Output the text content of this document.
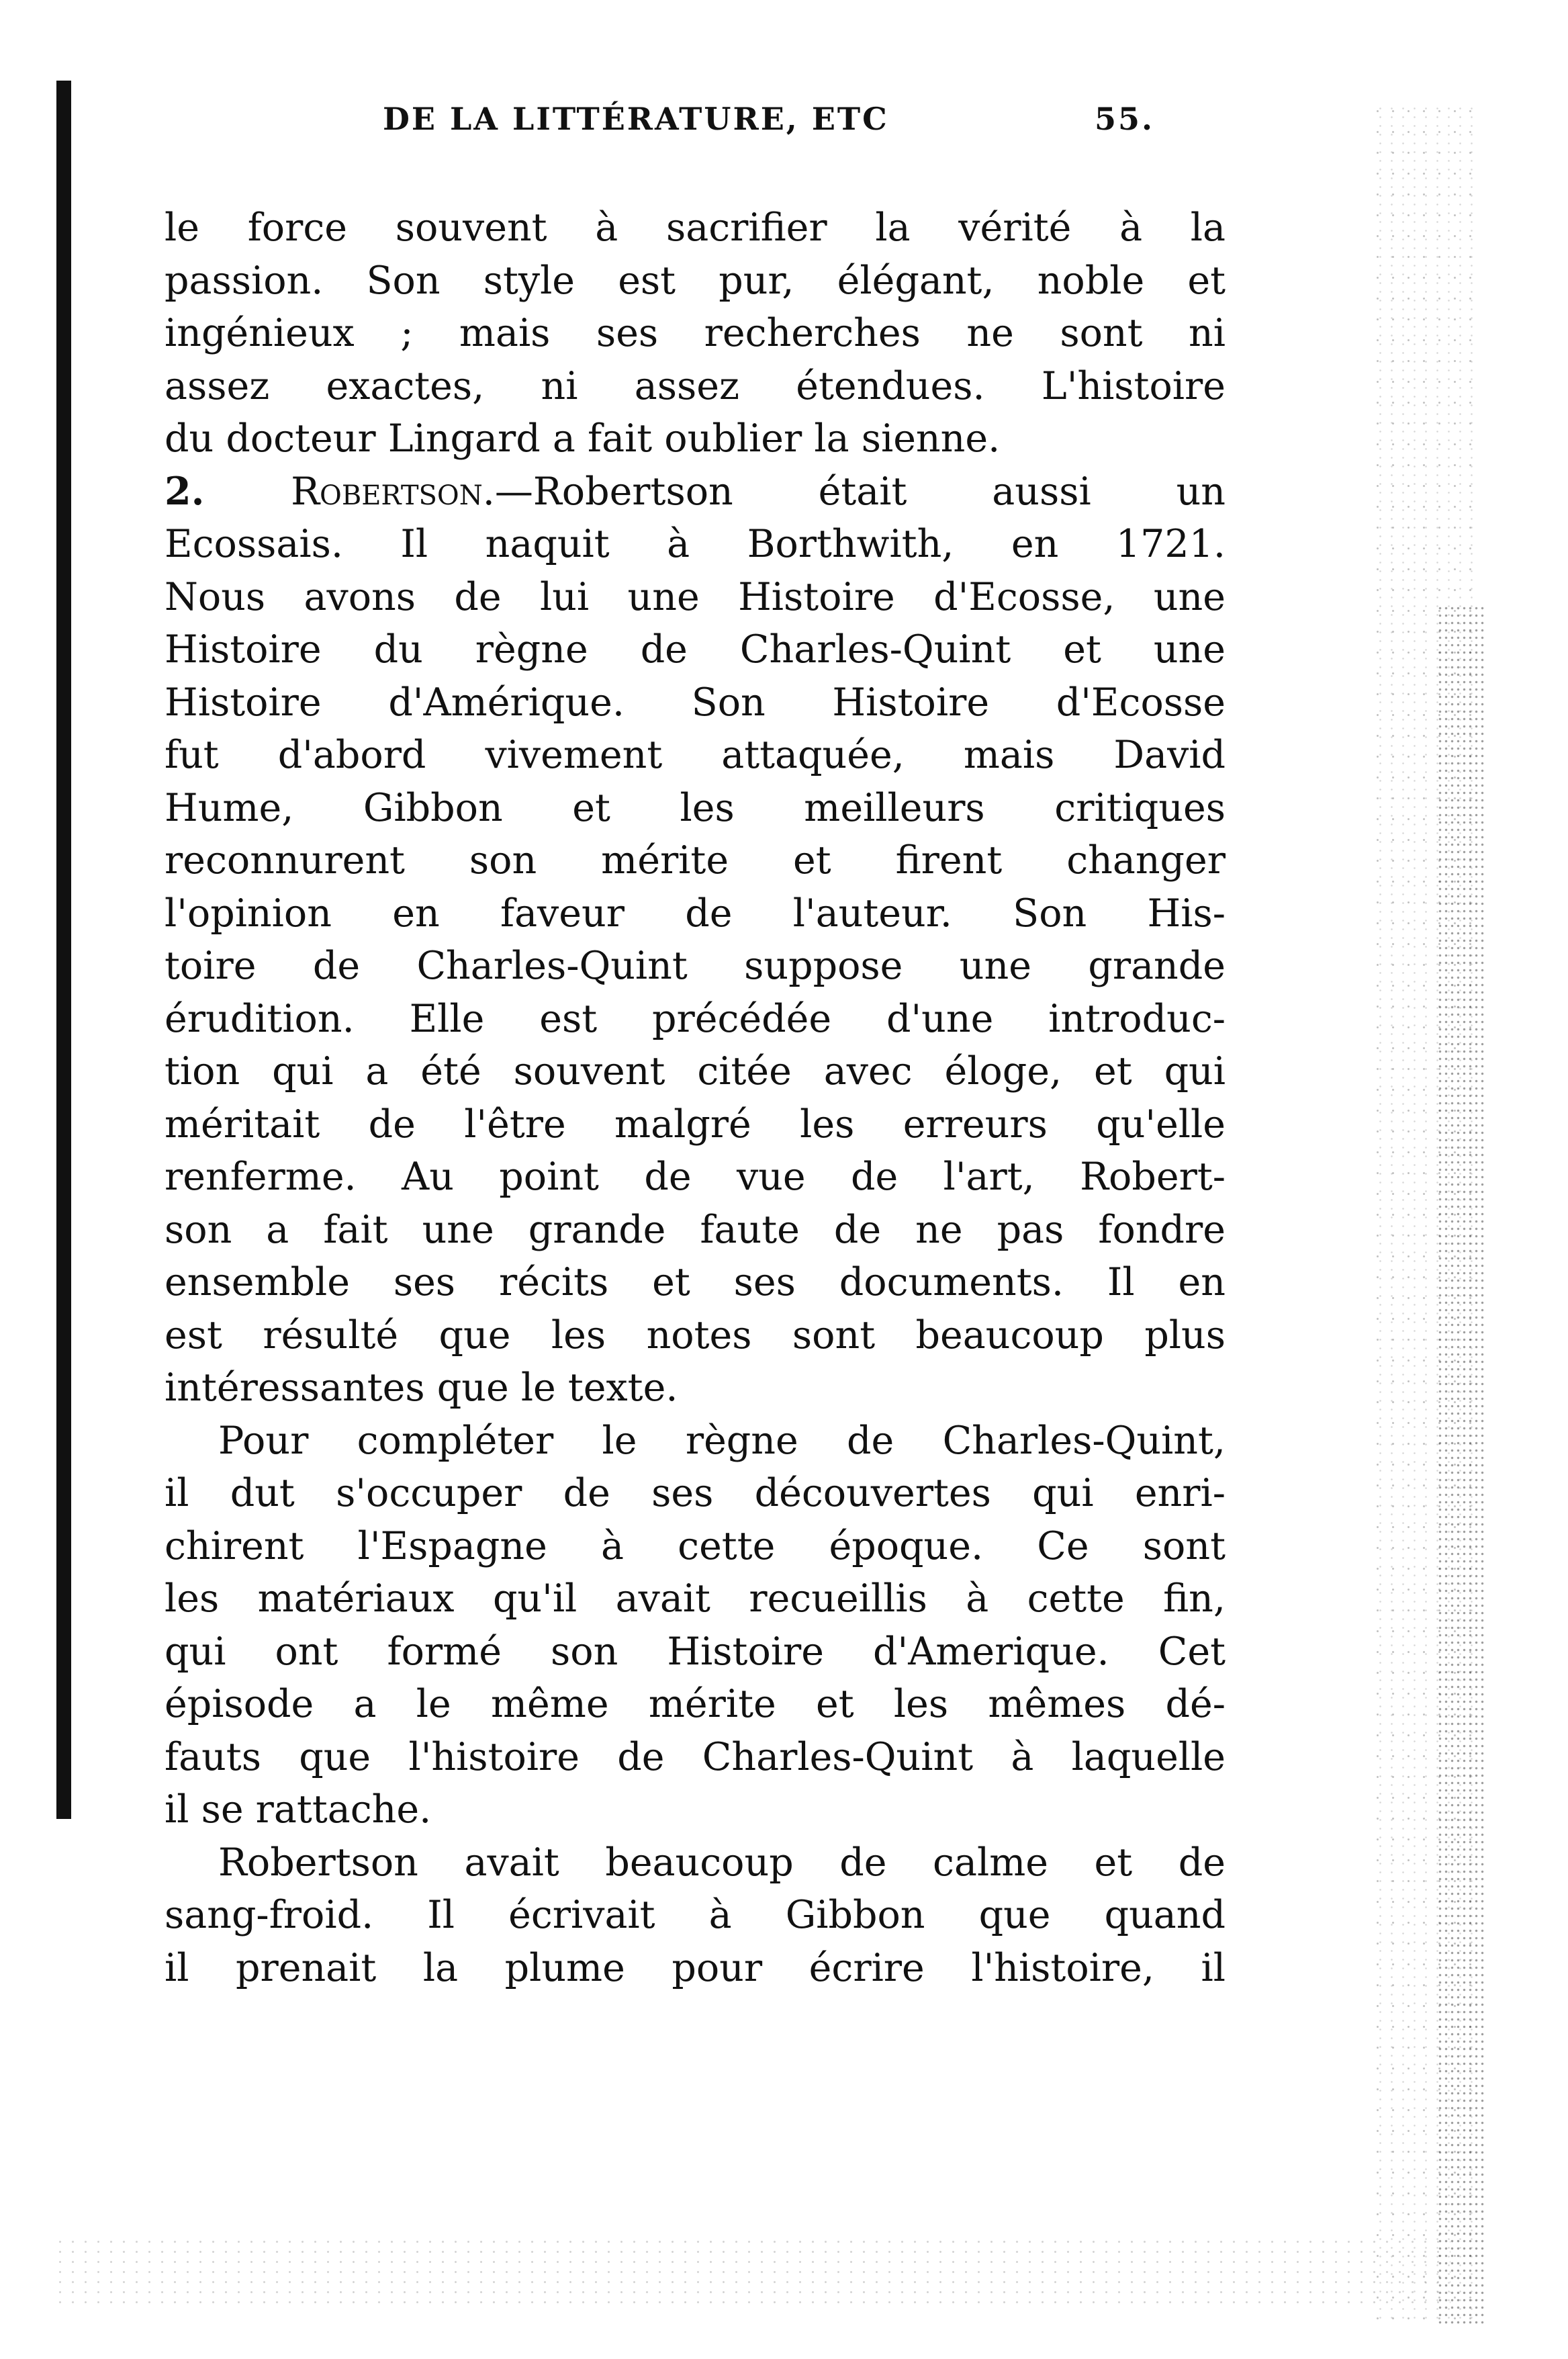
DE LA LITTÉRATURE, ETC	55.
le force souvent à sacrifier la vérité à la
passion. Son style est pur, élégant, noble et
ingénieux ; mais ses recherches ne sont ni
assez exactes, ni assez étendues. L'histoire
du docteur Lingard a fait oublier la sienne.
2. Robertson.—Robertson était aussi un
Ecossais. Il naquit à Borthwith, en 1721.
Nous avons de lui une Histoire d'Ecosse, une
Histoire du règne de Charles-Quint et une
Histoire d'Amérique. Son Histoire d'Ecosse
fut d'abord vivement attaquée, mais David
Hume, Gibbon et les meilleurs critiques
reconnurent son mérite et firent changer
l'opinion en faveur de l'auteur. Son His-
toire de Charles-Quint suppose une grande
érudition. Elle est précédée d'une introduc-
tion qui a été souvent citée avec éloge, et qui
méritait de l'être malgré les erreurs qu'elle
renferme. Au point de vue de l'art, Robert-
son a fait une grande faute de ne pas fondre
ensemble ses récits et ses documents. Il en
est résulté que les notes sont beaucoup plus
intéressantes que le texte.
Pour compléter le règne de Charles-Quint,
il dut s'occuper de ses découvertes qui enri-
chirent l'Espagne à cette époque. Ce sont
les matériaux qu'il avait recueillis à cette fin,
qui ont formé son Histoire d'Amerique. Cet
épisode a le même mérite et les mêmes dé-
fauts que l'histoire de Charles-Quint à laquelle
il se rattache.
Robertson avait beaucoup de calme et de
sang-froid. Il écrivait à Gibbon que quand
il prenait la plume pour écrire l'histoire, il
